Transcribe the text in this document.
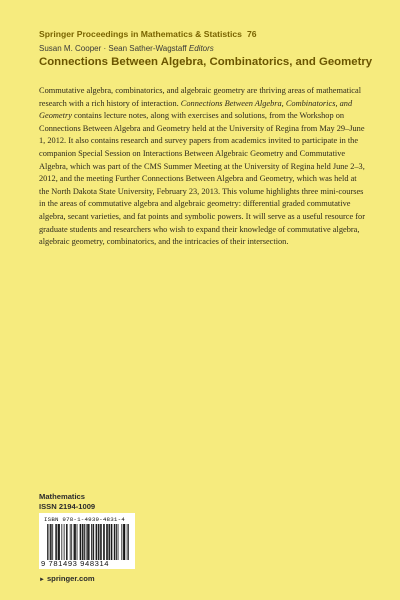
Springer Proceedings in Mathematics & Statistics 76
Susan M. Cooper · Sean Sather-Wagstaff Editors
Connections Between Algebra, Combinatorics, and Geometry

Commutative algebra, combinatorics, and algebraic geometry are thriving areas of mathematical research with a rich history of interaction. Connections Between Algebra, Combinatorics, and Geometry contains lecture notes, along with exercises and solutions, from the Workshop on Connections Between Algebra and Geometry held at the University of Regina from May 29–June 1, 2012. It also contains research and survey papers from academics invited to participate in the companion Special Session on Interactions Between Algebraic Geometry and Commutative Algebra, which was part of the CMS Summer Meeting at the University of Regina held June 2–3, 2012, and the meeting Further Connections Between Algebra and Geometry, which was held at the North Dakota State University, February 23, 2013. This volume highlights three mini-courses in the areas of commutative algebra and algebraic geometry: differential graded commutative algebra, secant varieties, and fat points and symbolic powers. It will serve as a useful resource for graduate students and researchers who wish to expand their knowledge of commutative algebra, algebraic geometry, combinatorics, and the intricacies of their intersection.

Mathematics
ISSN 2194-1009
ISBN 978-1-4939-4831-4
9 781493 948314
► springer.com
